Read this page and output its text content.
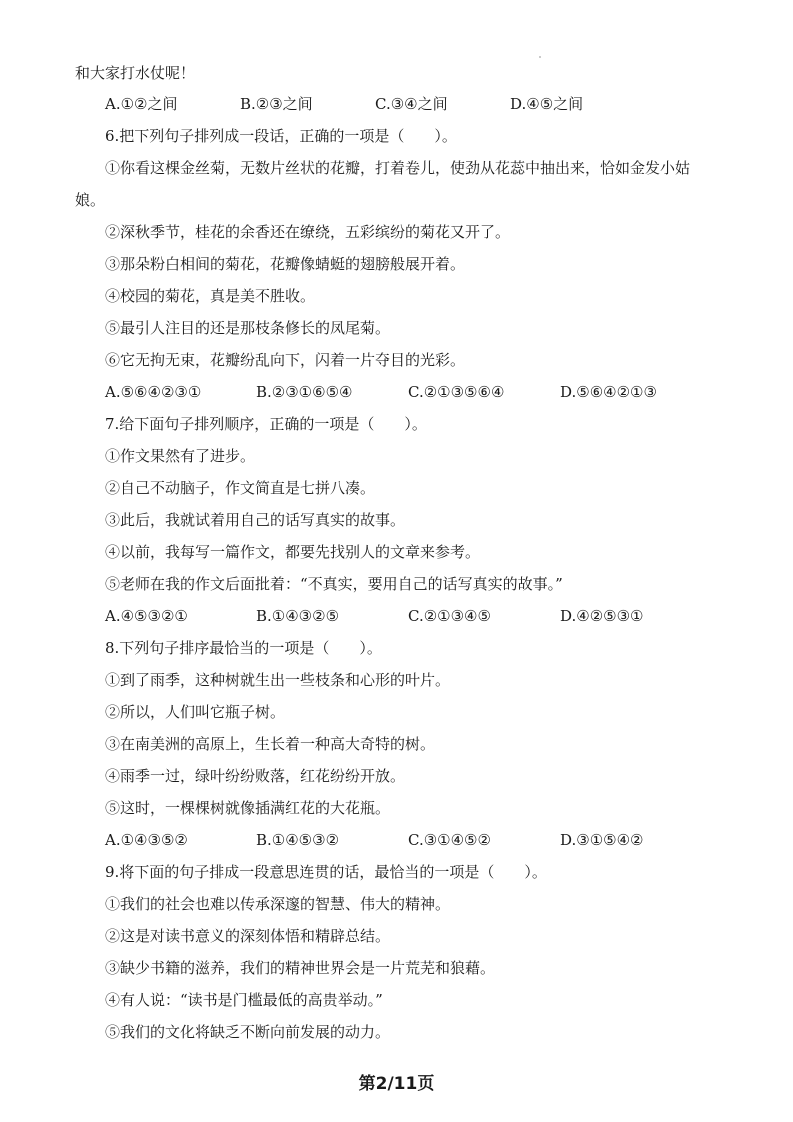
和大家打水仗呢！
A.①②之间	B.②③之间	C.③④之间	D.④⑤之间
6.把下列句子排列成一段话，正确的一项是（　　）。
①你看这棵金丝菊，无数片丝状的花瓣，打着卷儿，使劲从花蕊中抽出来，恰如金发小姑
娘。
②深秋季节，桂花的余香还在缭绕，五彩缤纷的菊花又开了。
③那朵粉白相间的菊花，花瓣像蜻蜓的翅膀般展开着。
④校园的菊花，真是美不胜收。
⑤最引人注目的还是那枝条修长的凤尾菊。
⑥它无拘无束，花瓣纷乱向下，闪着一片夺目的光彩。
A.⑤⑥④②③①	B.②③①⑥⑤④	C.②①③⑤⑥④	D.⑤⑥④②①③
7.给下面句子排列顺序，正确的一项是（　　）。
①作文果然有了进步。
②自己不动脑子，作文简直是七拼八凑。
③此后，我就试着用自己的话写真实的故事。
④以前，我每写一篇作文，都要先找别人的文章来参考。
⑤老师在我的作文后面批着：“不真实，要用自己的话写真实的故事。”
A.④⑤③②①	B.①④③②⑤	C.②①③④⑤	D.④②⑤③①
8.下列句子排序最恰当的一项是（　　）。
①到了雨季，这种树就生出一些枝条和心形的叶片。
②所以，人们叫它瓶子树。
③在南美洲的高原上，生长着一种高大奇特的树。
④雨季一过，绿叶纷纷败落，红花纷纷开放。
⑤这时，一棵棵树就像插满红花的大花瓶。
A.①④③⑤②	B.①④⑤③②	C.③①④⑤②	D.③①⑤④②
9.将下面的句子排成一段意思连贯的话，最恰当的一项是（　　）。
①我们的社会也难以传承深邃的智慧、伟大的精神。
②这是对读书意义的深刻体悟和精辟总结。
③缺少书籍的滋养，我们的精神世界会是一片荒芜和狼藉。
④有人说：“读书是门槛最低的高贵举动。”
⑤我们的文化将缺乏不断向前发展的动力。
第2/11页
